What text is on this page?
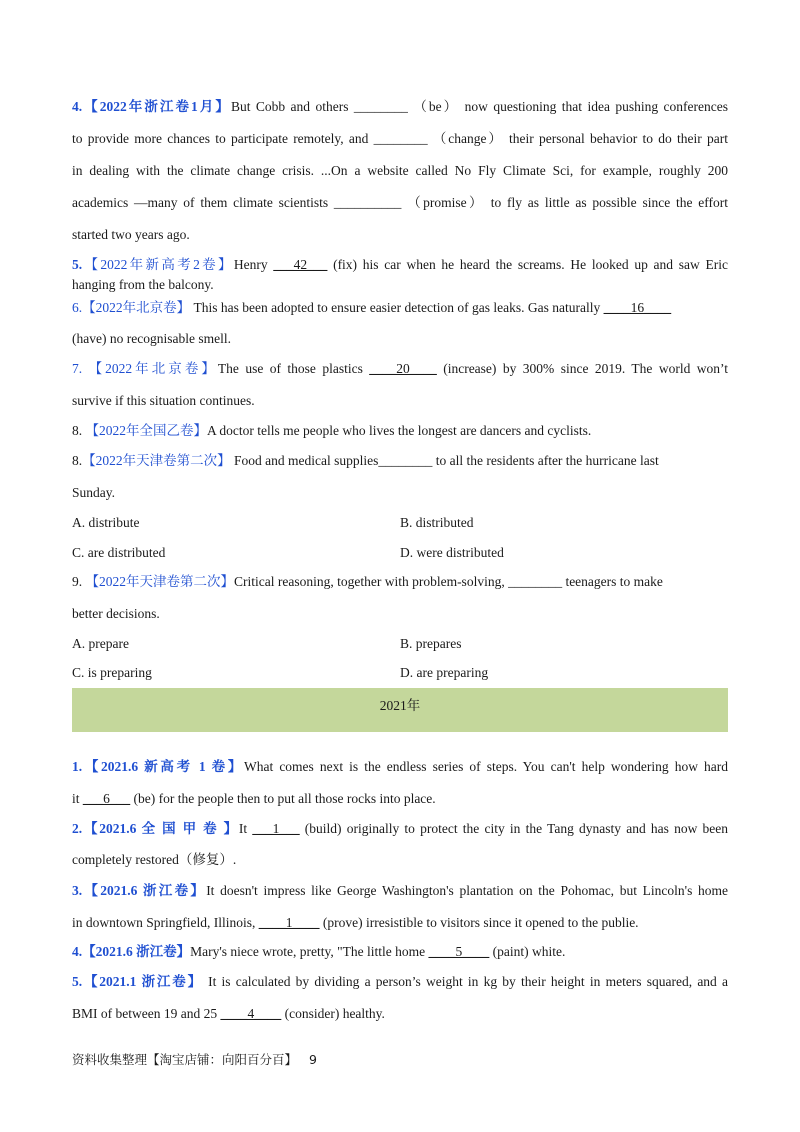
4.【2022年浙江卷1月】But Cobb and others ________ （be） now questioning that idea pushing conferences
to provide more chances to participate remotely, and ________ （change） their personal behavior to do their part
in dealing with the climate change crisis. ...On a website called No Fly Climate Sci, for example, roughly 200
academics —many of them climate scientists __________ （promise） to fly as little as possible since the effort
started two years ago.
5.【2022年新高考2卷】Henry ___42___ (fix) his car when he heard the screams. He looked up and saw Eric
hanging from the balcony.
6.【2022年北京卷】 This has been adopted to ensure easier detection of gas leaks. Gas naturally ____16____
(have) no recognisable smell.
7. 【2022年北京卷】The use of those plastics ____20____ (increase) by 300% since 2019. The world won’t
survive if this situation continues.
8. 【2022年全国乙卷】A doctor tells me people who lives the longest are dancers and cyclists.
8.【2022年天津卷第二次】 Food and medical supplies________ to all the residents after the hurricane last
Sunday.
A. distribute	B. distributed
C. are distributed	D. were distributed
9. 【2022年天津卷第二次】Critical reasoning, together with problem-solving, ________ teenagers to make
better decisions.
A. prepare	B. prepares
C. is preparing	D. are preparing
2021年
1.【2021.6 新高考 1 卷】What comes next is the endless series of steps. You can't help wondering how hard
it ___6___ (be) for the people then to put all those rocks into place.
2.【2021.6 全 国 甲 卷 】It ___1___ (build) originally to protect the city in the Tang dynasty and has now been
completely restored（修复）.
3.【2021.6 浙江卷】It doesn't impress like George Washington's plantation on the Pohomac, but Lincoln's home
in downtown Springfield, Illinois, ____1____ (prove) irresistible to visitors since it opened to the publie.
4.【2021.6 浙江卷】Mary's niece wrote, pretty, "The little home ____5____ (paint) white.
5.【2021.1 浙江卷】 It is calculated by dividing a person’s weight in kg by their height in meters squared, and a
BMI of between 19 and 25 ____4____ (consider) healthy.
资料收集整理【淘宝店铺：向阳百分百】 9
